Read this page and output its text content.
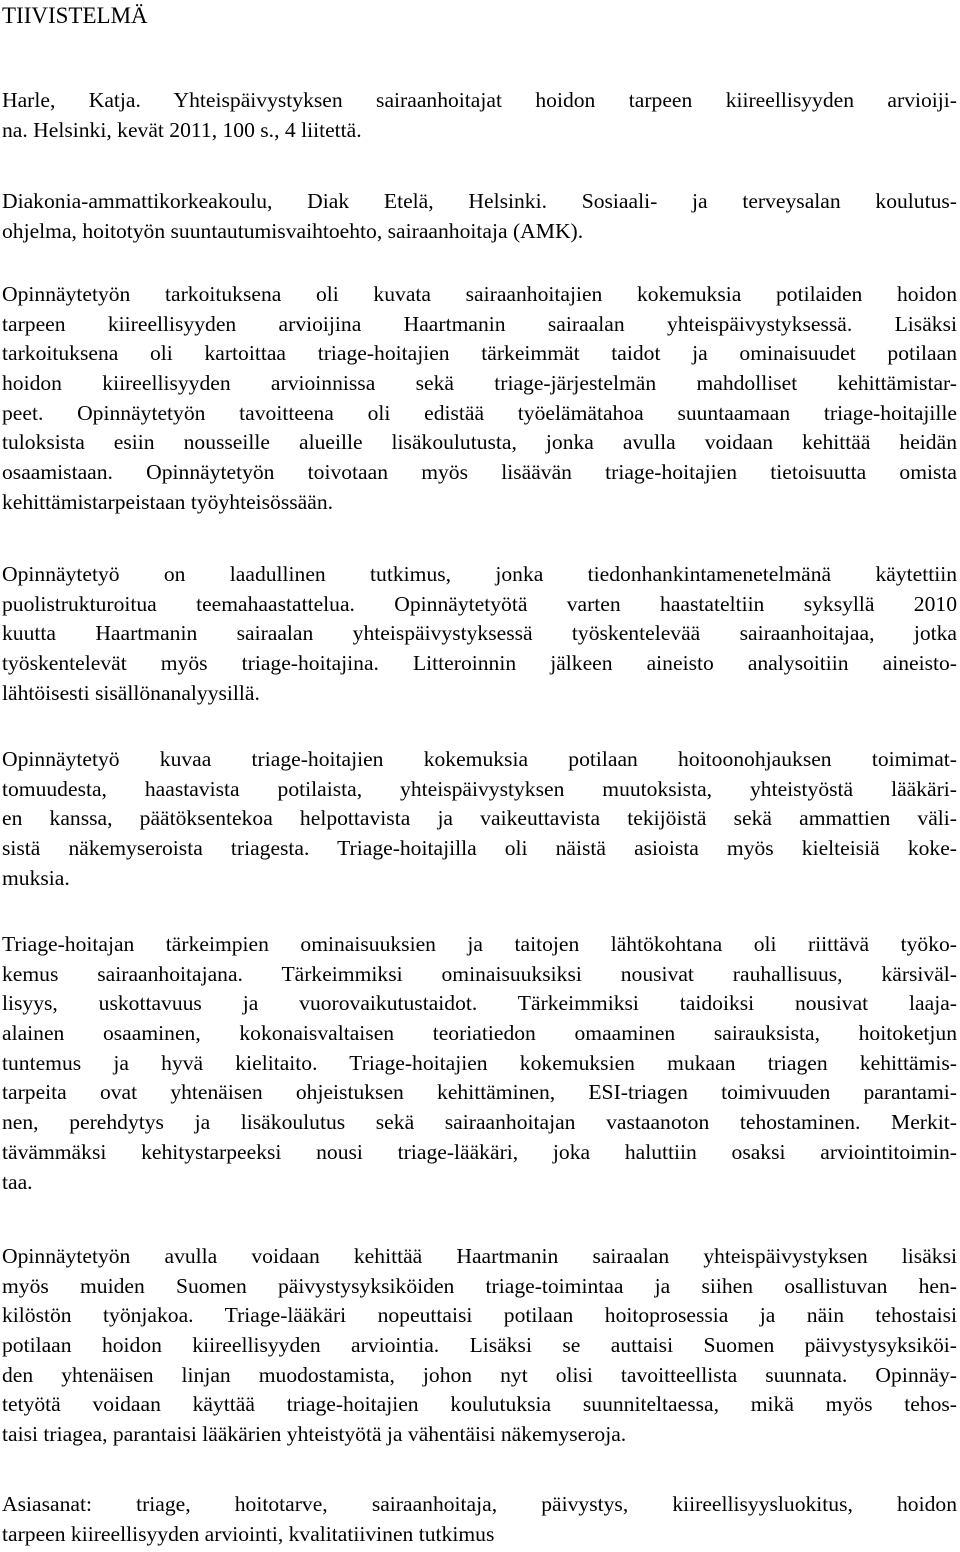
TIIVISTELMÄ

Harle, Katja. Yhteispäivystyksen sairaanhoitajat hoidon tarpeen kiireellisyyden arvioiji-
na. Helsinki, kevät 2011, 100 s., 4 liitettä.

Diakonia-ammattikorkeakoulu, Diak Etelä, Helsinki. Sosiaali- ja terveysalan koulutus-
ohjelma, hoitotyön suuntautumisvaihtoehto, sairaanhoitaja (AMK).

Opinnäytetyön tarkoituksena oli kuvata sairaanhoitajien kokemuksia potilaiden hoidon
tarpeen kiireellisyyden arvioijina Haartmanin sairaalan yhteispäivystyksessä. Lisäksi
tarkoituksena oli kartoittaa triage-hoitajien tärkeimmät taidot ja ominaisuudet potilaan
hoidon kiireellisyyden arvioinnissa sekä triage-järjestelmän mahdolliset kehittämistar-
peet. Opinnäytetyön tavoitteena oli edistää työelämätahoa suuntaamaan triage-hoitajille
tuloksista esiin nousseille alueille lisäkoulutusta, jonka avulla voidaan kehittää heidän
osaamistaan. Opinnäytetyön toivotaan myös lisäävän triage-hoitajien tietoisuutta omista
kehittämistarpeistaan työyhteisössään.

Opinnäytetyö on laadullinen tutkimus, jonka tiedonhankintamenetelmänä käytettiin
puolistrukturoitua teemahaastattelua. Opinnäytetyötä varten haastateltiin syksyllä 2010
kuutta Haartmanin sairaalan yhteispäivystyksessä työskentelevää sairaanhoitajaa, jotka
työskentelevät myös triage-hoitajina. Litteroinnin jälkeen aineisto analysoitiin aineisto-
lähtöisesti sisällönanalyysillä.

Opinnäytetyö kuvaa triage-hoitajien kokemuksia potilaan hoitoonohjauksen toimimat-
tomuudesta, haastavista potilaista, yhteispäivystyksen muutoksista, yhteistyöstä lääkäri-
en kanssa, päätöksentekoa helpottavista ja vaikeuttavista tekijöistä sekä ammattien väli-
sistä näkemyseroista triagesta. Triage-hoitajilla oli näistä asioista myös kielteisiä koke-
muksia.

Triage-hoitajan tärkeimpien ominaisuuksien ja taitojen lähtökohtana oli riittävä työko-
kemus sairaanhoitajana. Tärkeimmiksi ominaisuuksiksi nousivat rauhallisuus, kärsiväl-
lisyys, uskottavuus ja vuorovaikutustaidot. Tärkeimmiksi taidoiksi nousivat laaja-
alainen osaaminen, kokonaisvaltaisen teoriatiedon omaaminen sairauksista, hoitoketjun
tuntemus ja hyvä kielitaito. Triage-hoitajien kokemuksien mukaan triagen kehittämis-
tarpeita ovat yhtenäisen ohjeistuksen kehittäminen, ESI-triagen toimivuuden parantami-
nen, perehdytys ja lisäkoulutus sekä sairaanhoitajan vastaanoton tehostaminen. Merkit-
tävämmäksi kehitystarpeeksi nousi triage-lääkäri, joka haluttiin osaksi arviointitoimin-
taa.

Opinnäytetyön avulla voidaan kehittää Haartmanin sairaalan yhteispäivystyksen lisäksi
myös muiden Suomen päivystysyksiköiden triage-toimintaa ja siihen osallistuvan hen-
kilöstön työnjakoa. Triage-lääkäri nopeuttaisi potilaan hoitoprosessia ja näin tehostaisi
potilaan hoidon kiireellisyyden arviointia. Lisäksi se auttaisi Suomen päivystysyksiköi-
den yhtenäisen linjan muodostamista, johon nyt olisi tavoitteellista suunnata. Opinnäy-
tetyötä voidaan käyttää triage-hoitajien koulutuksia suunniteltaessa, mikä myös tehos-
taisi triagea, parantaisi lääkärien yhteistyötä ja vähentäisi näkemyseroja.

Asiasanat: triage, hoitotarve, sairaanhoitaja, päivystys, kiireellisyysluokitus, hoidon
tarpeen kiireellisyyden arviointi, kvalitatiivinen tutkimus
